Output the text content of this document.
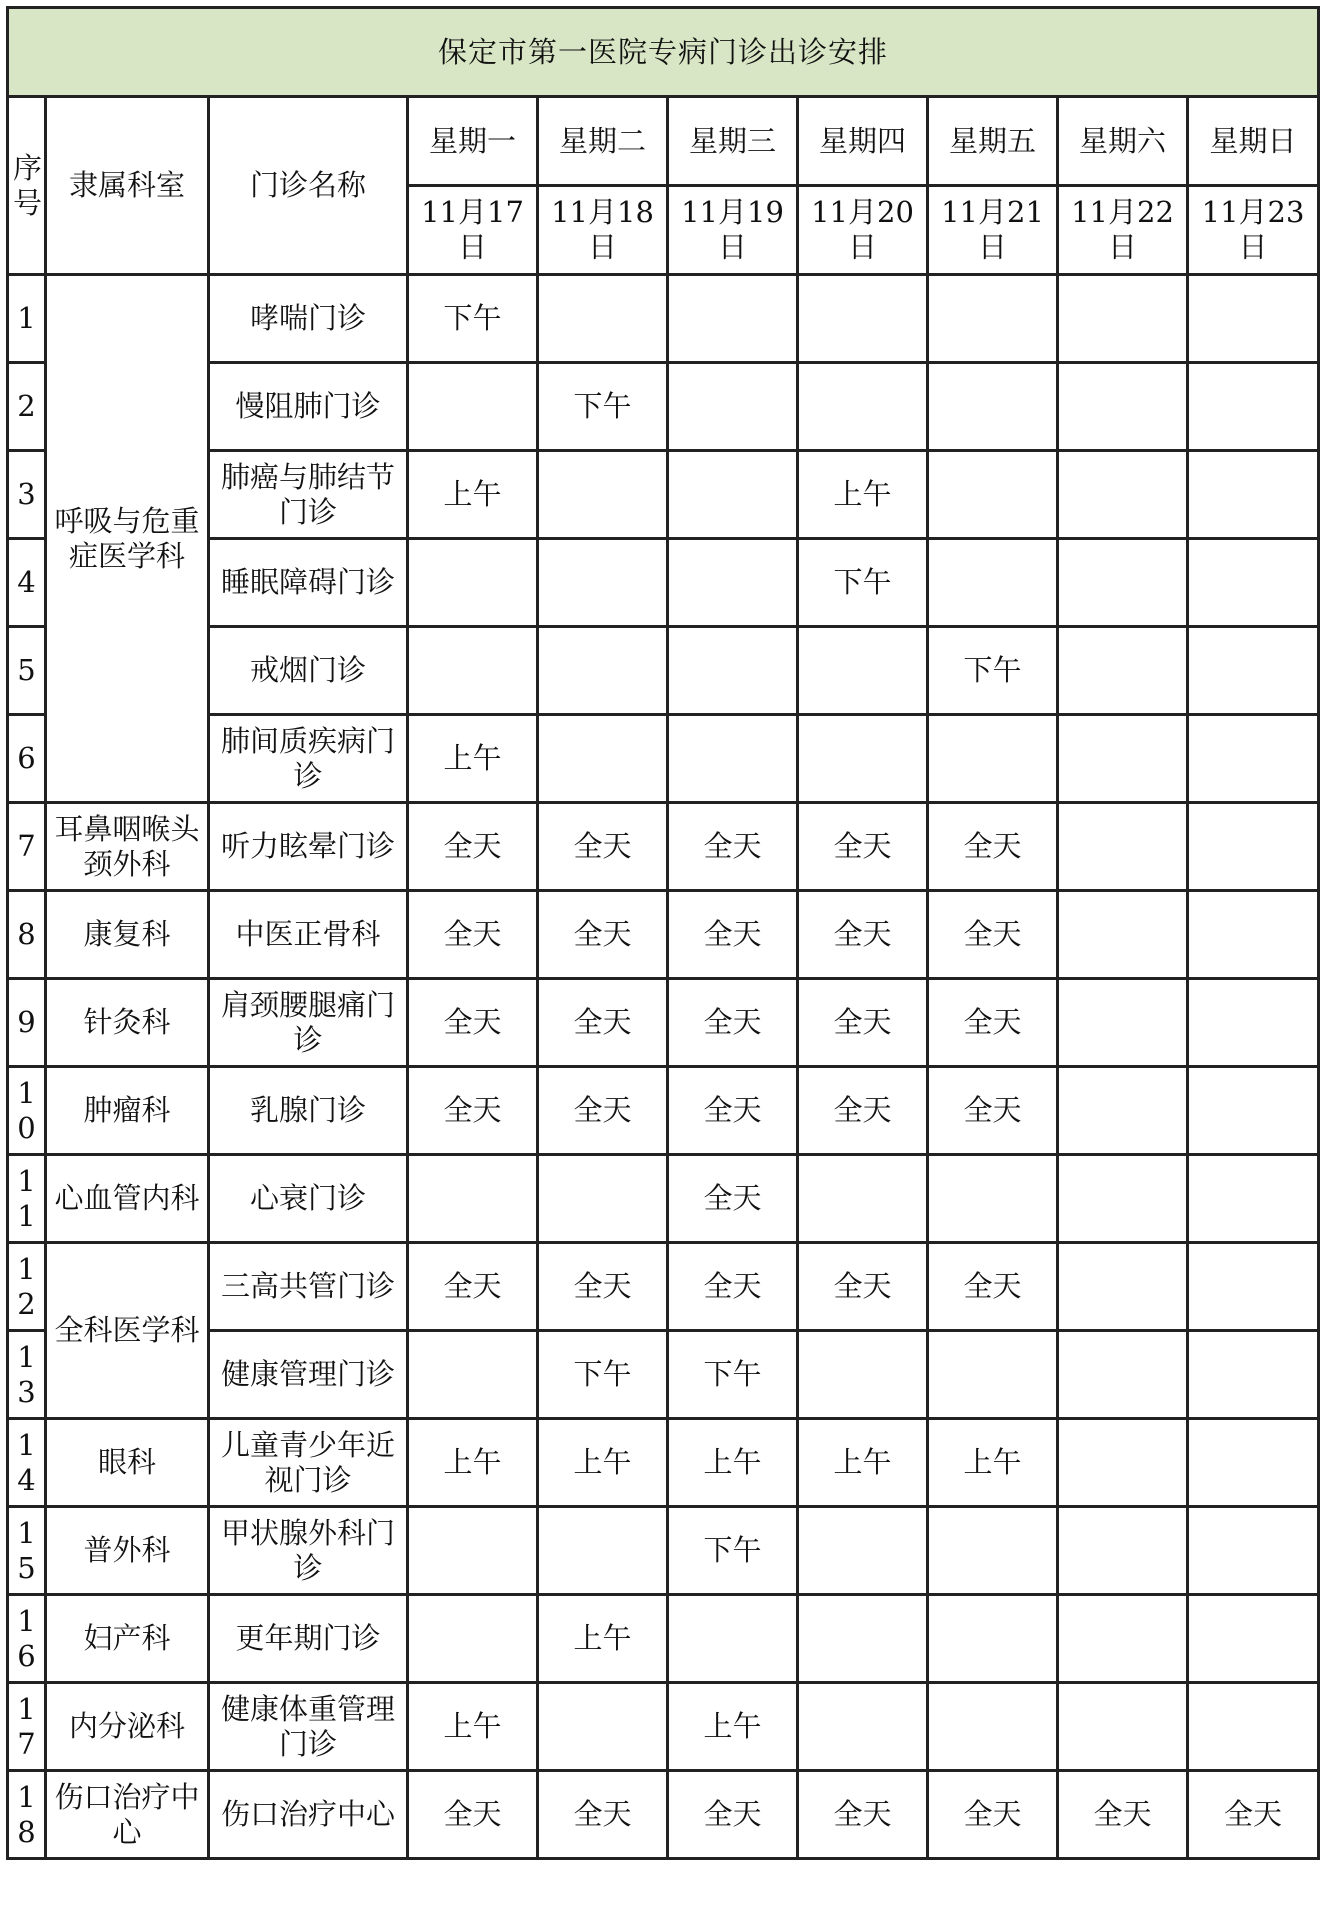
保定市第一医院专病门诊出诊安排									
序号	隶属科室	门诊名称	星期一	星期二	星期三	星期四	星期五	星期六	星期日
			11月17日	11月18日	11月19日	11月20日	11月21日	11月22日	11月23日
1	呼吸与危重症医学科	哮喘门诊	下午						
2		慢阻肺门诊		下午					
3		肺癌与肺结节门诊	上午			上午			
4		睡眠障碍门诊				下午			
5		戒烟门诊					下午		
6		肺间质疾病门诊	上午						
7	耳鼻咽喉头颈外科	听力眩晕门诊	全天	全天	全天	全天	全天		
8	康复科	中医正骨科	全天	全天	全天	全天	全天		
9	针灸科	肩颈腰腿痛门诊	全天	全天	全天	全天	全天		
10	肿瘤科	乳腺门诊	全天	全天	全天	全天	全天		
11	心血管内科	心衰门诊			全天				
12	全科医学科	三高共管门诊	全天	全天	全天	全天	全天		
13		健康管理门诊		下午	下午				
14	眼科	儿童青少年近视门诊	上午	上午	上午	上午	上午		
15	普外科	甲状腺外科门诊			下午				
16	妇产科	更年期门诊		上午					
17	内分泌科	健康体重管理门诊	上午		上午				
18	伤口治疗中心	伤口治疗中心	全天	全天	全天	全天	全天	全天	全天
